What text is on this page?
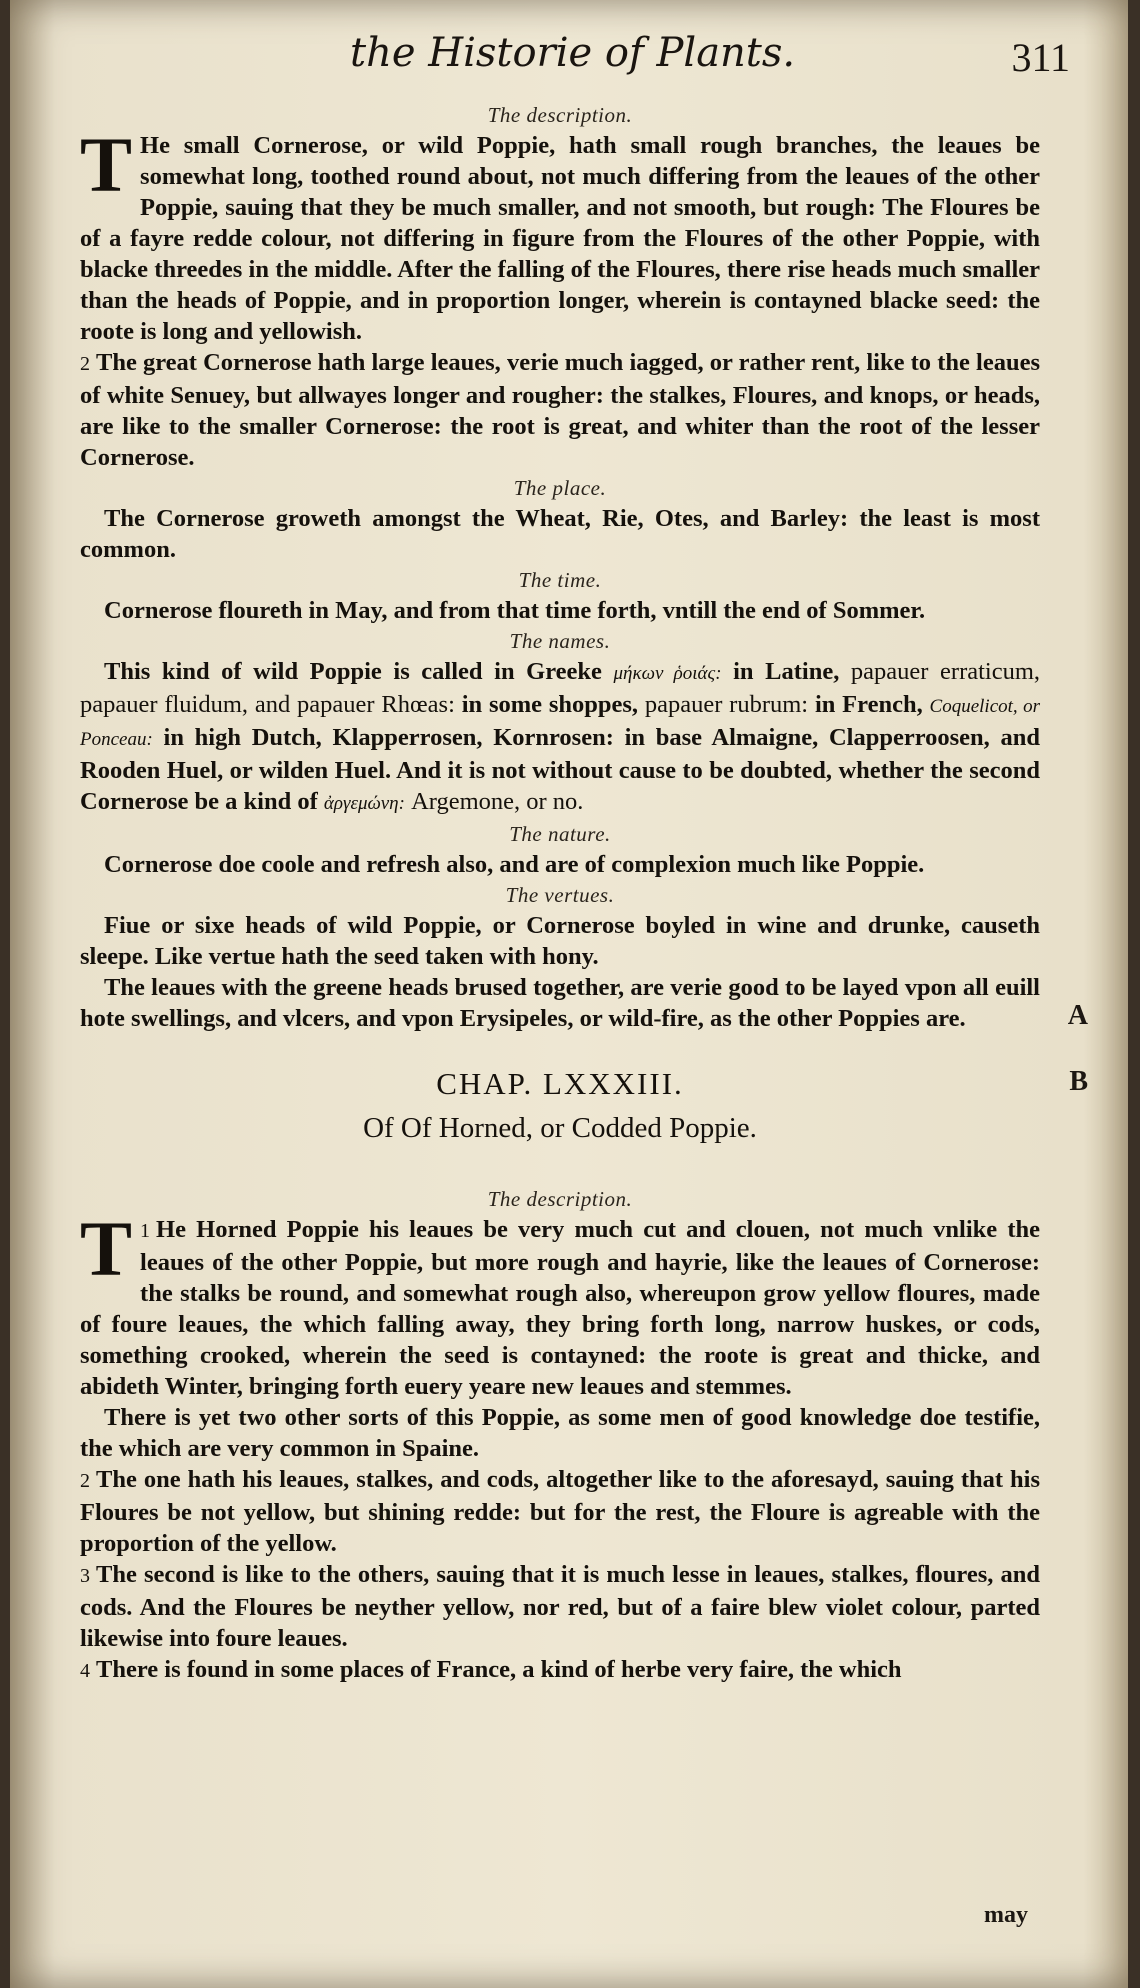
the Historie of Plants.	311

The description.

T He small Cornerose, or wild Poppie, hath small rough branches, the leaues be somewhat long, toothed round about, not much differing from the leaues of the other Poppie, sauing that they be much smaller, and not smooth, but rough: The Floures be of a fayre redde colour, not differing in figure from the Floures of the other Poppie, with blacke threedes in the middle. After the falling of the Floures, there rise heads much smaller than the heads of Poppie, and in proportion longer, wherein is contayned blacke seed: the roote is long and yellowish.

2 The great Cornerose hath large leaues, verie much iagged, or rather rent, like to the leaues of white Senuey, but allwayes longer and rougher: the stalkes, Floures, and knops, or heads, are like to the smaller Cornerose: the root is great, and whiter than the root of the lesser Cornerose.

The place.

The Cornerose groweth amongst the Wheat, Rie, Otes, and Barley: the least is most common.

The time.

Cornerose floureth in May, and from that time forth, vntill the end of Sommer.

The names.

This kind of wild Poppie is called in Greeke μήκων ῥοιάς: in Latine, papauer erraticum, papauer fluidum, and papauer Rhœas: in some shoppes, papauer rubrum: in French, Coquelicot, or Ponceau: in high Dutch, Klapperrosen, Kornrosen: in base Almaigne, Clapperroosen, and Rooden Huel, or wilden Huel. And it is not without cause to be doubted, whether the second Cornerose be a kind of ἀργεμώνη: Argemone, or no.

The nature.

Cornerose doe coole and refresh also, and are of complexion much like Poppie.

The vertues.

Fiue or sixe heads of wild Poppie, or Cornerose boyled in wine and drunke, causeth sleepe. Like vertue hath the seed taken with hony.

The leaues with the greene heads brused together, are verie good to be layed vpon all euill hote swellings, and vlcers, and vpon Erysipeles, or wild-fire, as the other Poppies are.

CHAP. LXXXIII.

Of Of Horned, or Codded Poppie.

The description.

1
T He Horned Poppie his leaues be very much cut and clouen, not much vnlike the leaues of the other Poppie, but more rough and hayrie, like the leaues of Cornerose: the stalks be round, and somewhat rough also, whereupon grow yellow floures, made of foure leaues, the which falling away, they bring forth long, narrow huskes, or cods, something crooked, wherein the seed is contayned: the roote is great and thicke, and abideth Winter, bringing forth euery yeare new leaues and stemmes.

There is yet two other sorts of this Poppie, as some men of good knowledge doe testifie, the which are very common in Spaine.

2 The one hath his leaues, stalkes, and cods, altogether like to the aforesayd, sauing that his Floures be not yellow, but shining redde: but for the rest, the Floure is agreable with the proportion of the yellow.

3 The second is like to the others, sauing that it is much lesse in leaues, stalkes, floures, and cods. And the Floures be neyther yellow, nor red, but of a faire blew violet colour, parted likewise into foure leaues.

4 There is found in some places of France, a kind of herbe very faire, the which

A
B
may
